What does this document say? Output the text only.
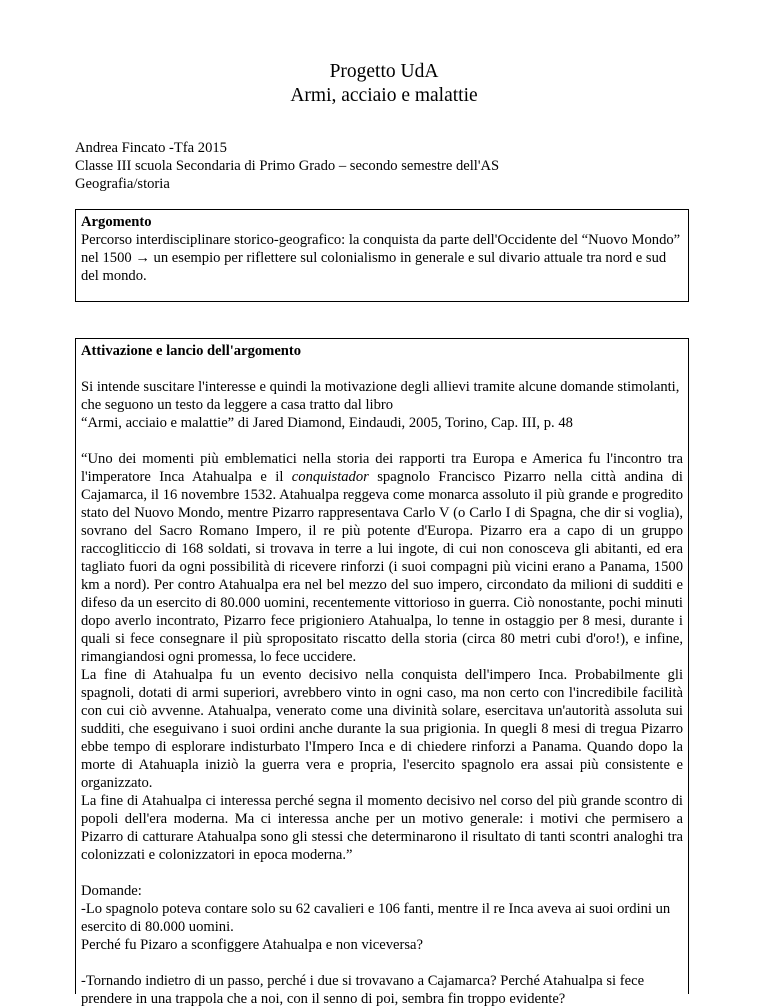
Progetto UdA
Armi, acciaio e malattie
Andrea Fincato -Tfa 2015
Classe III scuola Secondaria di Primo Grado – secondo semestre dell'AS
Geografia/storia
Argomento

Percorso interdisciplinare storico-geografico: la conquista da parte dell'Occidente del “Nuovo Mondo” nel 1500 → un esempio per riflettere sul colonialismo in generale e sul divario attuale tra nord e sud del mondo.

Attivazione e lancio dell'argomento

Si intende suscitare l'interesse e quindi la motivazione degli allievi tramite alcune domande stimolanti, che seguono un testo da leggere a casa tratto dal libro

“Armi, acciaio e malattie” di Jared Diamond, Eindaudi, 2005, Torino, Cap. III, p. 48

“Uno dei momenti più emblematici nella storia dei rapporti tra Europa e America fu l'incontro tra l'imperatore Inca Atahualpa e il conquistador spagnolo Francisco Pizarro nella città andina di Cajamarca, il 16 novembre 1532. Atahualpa reggeva come monarca assoluto il più grande e progredito stato del Nuovo Mondo, mentre Pizarro rappresentava Carlo V (o Carlo I di Spagna, che dir si voglia), sovrano del Sacro Romano Impero, il re più potente d'Europa. Pizarro era a capo di un gruppo raccogliticcio di 168 soldati, si trovava in terre a lui ingote, di cui non conosceva gli abitanti, ed era tagliato fuori da ogni possibilità di ricevere rinforzi (i suoi compagni più vicini erano a Panama, 1500 km a nord). Per contro Atahualpa era nel bel mezzo del suo impero, circondato da milioni di sudditi e difeso da un esercito di 80.000 uomini, recentemente vittorioso in guerra. Ciò nonostante, pochi minuti dopo averlo incontrato, Pizarro fece prigioniero Atahualpa, lo tenne in ostaggio per 8 mesi, durante i quali si fece consegnare il più spropositato riscatto della storia (circa 80 metri cubi d'oro!), e infine, rimangiandosi ogni promessa, lo fece uccidere.

La fine di Atahualpa fu un evento decisivo nella conquista dell'impero Inca. Probabilmente gli spagnoli, dotati di armi superiori, avrebbero vinto in ogni caso, ma non certo con l'incredibile facilità con cui ciò avvenne. Atahualpa, venerato come una divinità solare, esercitava un'autorità assoluta sui sudditi, che eseguivano i suoi ordini anche durante la sua prigionia. In quegli 8 mesi di tregua Pizarro ebbe tempo di esplorare indisturbato l'Impero Inca e di chiedere rinforzi a Panama. Quando dopo la morte di Atahuapla iniziò la guerra vera e propria, l'esercito spagnolo era assai più consistente e organizzato.

La fine di Atahualpa ci interessa perché segna il momento decisivo nel corso del più grande scontro di popoli dell'era moderna. Ma ci interessa anche per un motivo generale: i motivi che permisero a Pizarro di catturare Atahualpa sono gli stessi che determinarono il risultato di tanti scontri analoghi tra colonizzati e colonizzatori in epoca moderna.”

Domande:

-Lo spagnolo poteva contare solo su 62 cavalieri e 106 fanti, mentre il re Inca aveva ai suoi ordini un esercito di 80.000 uomini.

Perché fu Pizaro a sconfiggere Atahualpa e non viceversa?

-Tornando indietro di un passo, perché i due si trovavano a Cajamarca? Perché Atahualpa si fece prendere in una trappola che a noi, con il senno di poi, sembra fin troppo evidente?
